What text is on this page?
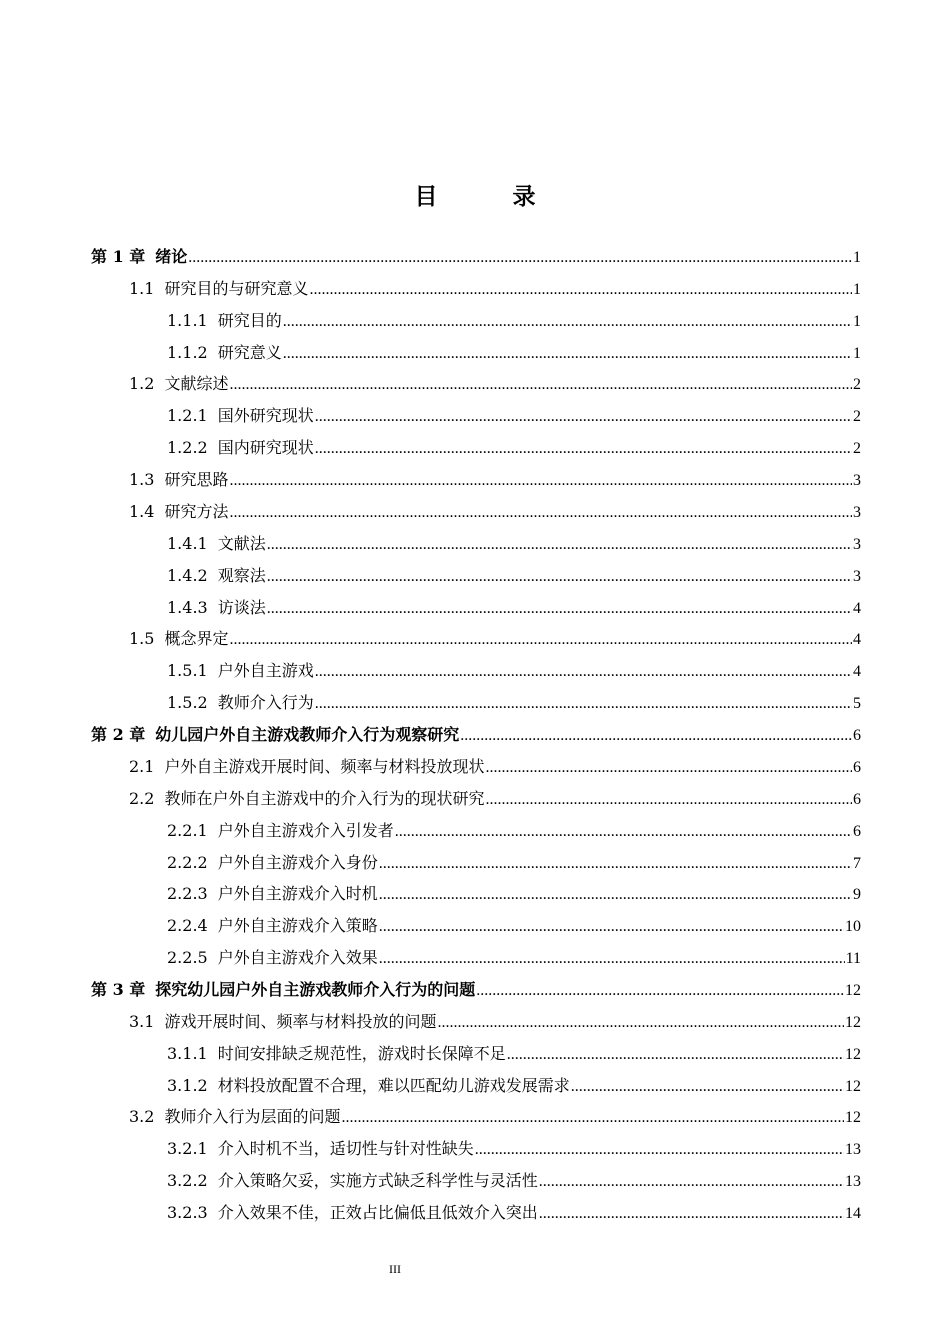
目　录
第 1 章 绪论 .....	1
1.1 研究目的与研究意义 .....	1
1.1.1 研究目的 .....	1
1.1.2 研究意义 .....	1
1.2 文献综述 .....	2
1.2.1 国外研究现状 .....	2
1.2.2 国内研究现状 .....	2
1.3 研究思路 .....	3
1.4 研究方法 .....	3
1.4.1 文献法 .....	3
1.4.2 观察法 .....	3
1.4.3 访谈法 .....	4
1.5 概念界定 .....	4
1.5.1 户外自主游戏 .....	4
1.5.2 教师介入行为 .....	5
第 2 章 幼儿园户外自主游戏教师介入行为观察研究 .....	6
2.1 户外自主游戏开展时间、频率与材料投放现状 .....	6
2.2 教师在户外自主游戏中的介入行为的现状研究 .....	6
2.2.1 户外自主游戏介入引发者 .....	6
2.2.2 户外自主游戏介入身份 .....	7
2.2.3 户外自主游戏介入时机 .....	9
2.2.4 户外自主游戏介入策略 .....	10
2.2.5 户外自主游戏介入效果 .....	11
第 3 章 探究幼儿园户外自主游戏教师介入行为的问题 .....	12
3.1 游戏开展时间、频率与材料投放的问题 .....	12
3.1.1 时间安排缺乏规范性，游戏时长保障不足 .....	12
3.1.2 材料投放配置不合理，难以匹配幼儿游戏发展需求 .....	12
3.2 教师介入行为层面的问题 .....	12
3.2.1 介入时机不当，适切性与针对性缺失 .....	13
3.2.2 介入策略欠妥，实施方式缺乏科学性与灵活性 .....	13
3.2.3 介入效果不佳，正效占比偏低且低效介入突出 .....	14
III
